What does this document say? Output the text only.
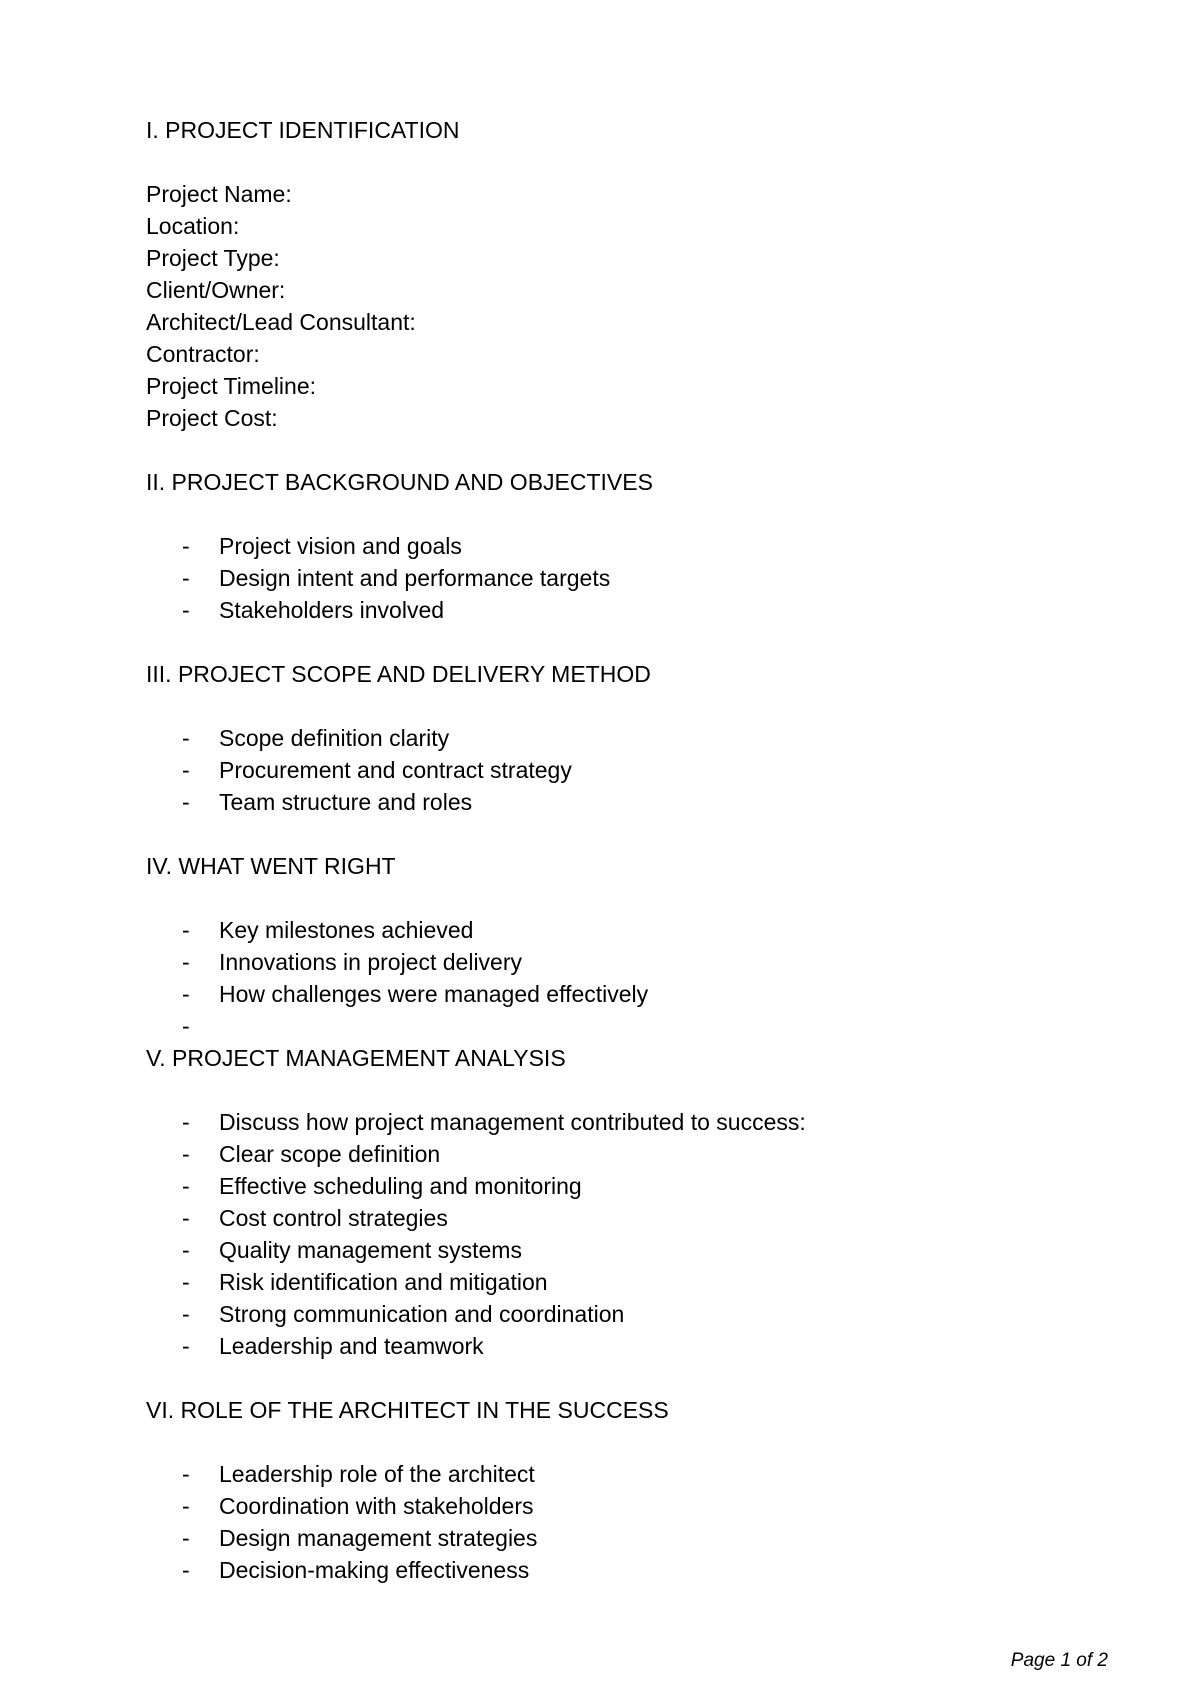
I. PROJECT IDENTIFICATION
Project Name:
Location:
Project Type:
Client/Owner:
Architect/Lead Consultant:
Contractor:
Project Timeline:
Project Cost:
II. PROJECT BACKGROUND AND OBJECTIVES
- Project vision and goals
- Design intent and performance targets
- Stakeholders involved
III. PROJECT SCOPE AND DELIVERY METHOD
- Scope definition clarity
- Procurement and contract strategy
- Team structure and roles
IV. WHAT WENT RIGHT
- Key milestones achieved
- Innovations in project delivery
- How challenges were managed effectively
-
V. PROJECT MANAGEMENT ANALYSIS
- Discuss how project management contributed to success:
- Clear scope definition
- Effective scheduling and monitoring
- Cost control strategies
- Quality management systems
- Risk identification and mitigation
- Strong communication and coordination
- Leadership and teamwork
VI. ROLE OF THE ARCHITECT IN THE SUCCESS
- Leadership role of the architect
- Coordination with stakeholders
- Design management strategies
- Decision-making effectiveness
Page 1 of 2
